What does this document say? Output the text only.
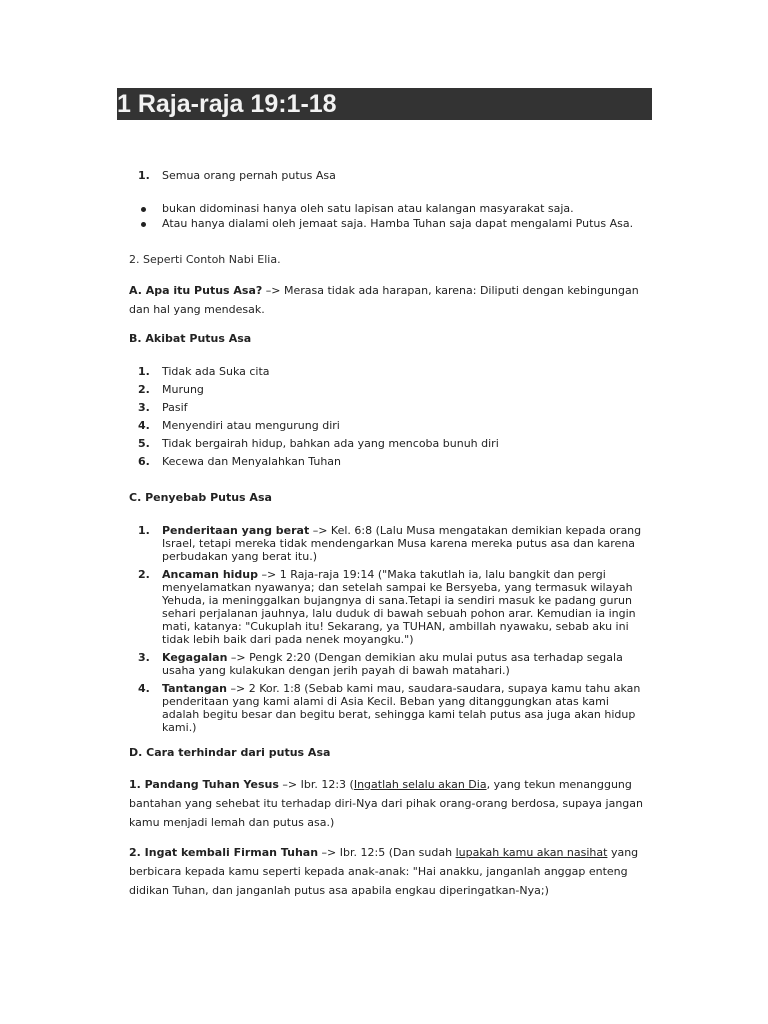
1 Raja-raja 19:1-18
1. Semua orang pernah putus Asa
bukan didominasi hanya oleh satu lapisan atau kalangan masyarakat saja.
Atau hanya dialami oleh jemaat saja. Hamba Tuhan saja dapat mengalami Putus Asa.
2. Seperti Contoh Nabi Elia.
A. Apa itu Putus Asa? –> Merasa tidak ada harapan, karena: Diliputi dengan kebingungan dan hal yang mendesak.
B. Akibat Putus Asa
1. Tidak ada Suka cita
2. Murung
3. Pasif
4. Menyendiri atau mengurung diri
5. Tidak bergairah hidup, bahkan ada yang mencoba bunuh diri
6. Kecewa dan Menyalahkan Tuhan
C. Penyebab Putus Asa
1. Penderitaan yang berat –> Kel. 6:8 (Lalu Musa mengatakan demikian kepada orang Israel, tetapi mereka tidak mendengarkan Musa karena mereka putus asa dan karena perbudakan yang berat itu.)
2. Ancaman hidup –> 1 Raja-raja 19:14 ("Maka takutlah ia, lalu bangkit dan pergi menyelamatkan nyawanya; dan setelah sampai ke Bersyeba, yang termasuk wilayah Yehuda, ia meninggalkan bujangnya di sana.Tetapi ia sendiri masuk ke padang gurun sehari perjalanan jauhnya, lalu duduk di bawah sebuah pohon arar. Kemudian ia ingin mati, katanya: "Cukuplah itu! Sekarang, ya TUHAN, ambillah nyawaku, sebab aku ini tidak lebih baik dari pada nenek moyangku.")
3. Kegagalan –> Pengk 2:20 (Dengan demikian aku mulai putus asa terhadap segala usaha yang kulakukan dengan jerih payah di bawah matahari.)
4. Tantangan –> 2 Kor. 1:8 (Sebab kami mau, saudara-saudara, supaya kamu tahu akan penderitaan yang kami alami di Asia Kecil. Beban yang ditanggungkan atas kami adalah begitu besar dan begitu berat, sehingga kami telah putus asa juga akan hidup kami.)
D. Cara terhindar dari putus Asa
1. Pandang Tuhan Yesus –> Ibr. 12:3 (Ingatlah selalu akan Dia, yang tekun menanggung bantahan yang sehebat itu terhadap diri-Nya dari pihak orang-orang berdosa, supaya jangan kamu menjadi lemah dan putus asa.)
2. Ingat kembali Firman Tuhan –> Ibr. 12:5 (Dan sudah lupakah kamu akan nasihat yang berbicara kepada kamu seperti kepada anak-anak: "Hai anakku, janganlah anggap enteng didikan Tuhan, dan janganlah putus asa apabila engkau diperingatkan-Nya;)
